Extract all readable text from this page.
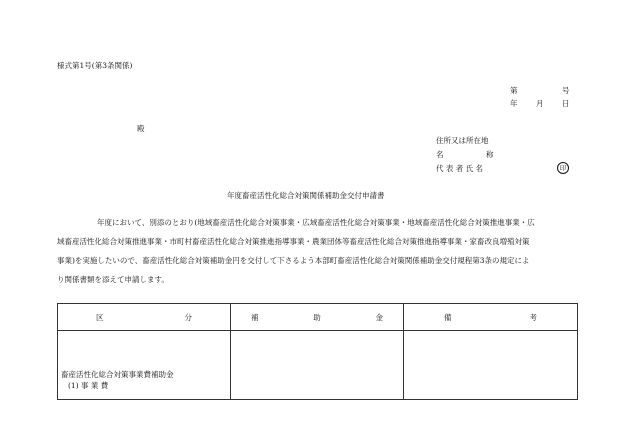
様式第1号(第3条関係)
第	号
年 月 日
殿
住所又は所在地
名	称
代 表 者 氏 名	印
年度畜産活性化総合対策関係補助金交付申請書
年度において、別添のとおり(地域畜産活性化総合対策事業・広域畜産活性化総合対策事業・地域畜産活性化総合対策推進事業・広
域畜産活性化総合対策推進事業・市町村畜産活性化総合対策推進指導事業・農業団体等畜産活性化総合対策推進指導事業・家畜改良増殖対策
事業)を実施したいので、畜産活性化総合対策補助金円を交付して下さるよう本部町畜産活性化総合対策関係補助金交付規程第3条の規定によ
り関係書類を添えて申請します。
区 分	補 助 金	備 考

畜産活性化総合対策事業費補助金
(1) 事 業 費		
